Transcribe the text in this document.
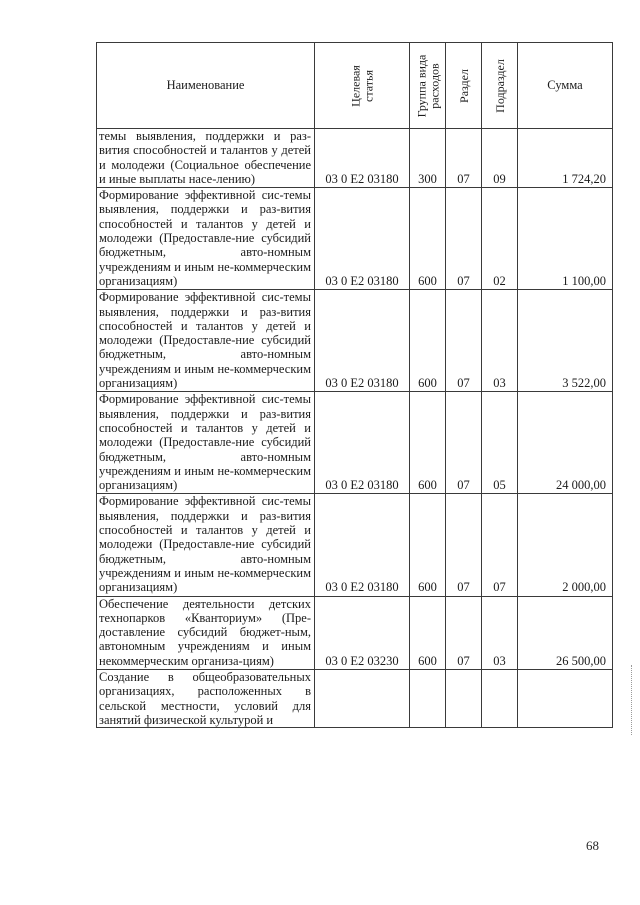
Наименование	Целевая статья	Группа вида расходов	Раздел	Подраздел	Сумма
темы выявления, поддержки и раз-вития способностей и талантов у детей и молодежи (Социальное обеспечение и иные выплаты насе-лению)	03 0 Е2 03180	300	07	09	1 724,20
Формирование эффективной сис-темы выявления, поддержки и раз-вития способностей и талантов у детей и молодежи (Предоставле-ние субсидий бюджетным, авто-номным учреждениям и иным не-коммерческим организациям)	03 0 Е2 03180	600	07	02	1 100,00
Формирование эффективной сис-темы выявления, поддержки и раз-вития способностей и талантов у детей и молодежи (Предоставле-ние субсидий бюджетным, авто-номным учреждениям и иным не-коммерческим организациям)	03 0 Е2 03180	600	07	03	3 522,00
Формирование эффективной сис-темы выявления, поддержки и раз-вития способностей и талантов у детей и молодежи (Предоставле-ние субсидий бюджетным, авто-номным учреждениям и иным не-коммерческим организациям)	03 0 Е2 03180	600	07	05	24 000,00
Формирование эффективной сис-темы выявления, поддержки и раз-вития способностей и талантов у детей и молодежи (Предоставле-ние субсидий бюджетным, авто-номным учреждениям и иным не-коммерческим организациям)	03 0 Е2 03180	600	07	07	2 000,00
Обеспечение деятельности детских технопарков «Кванториум» (Пре-доставление субсидий бюджет-ным, автономным учреждениям и иным некоммерческим организа-циям)	03 0 Е2 03230	600	07	03	26 500,00
Создание в общеобразовательных организациях, расположенных в сельской местности, условий для занятий физической культурой и					
68
